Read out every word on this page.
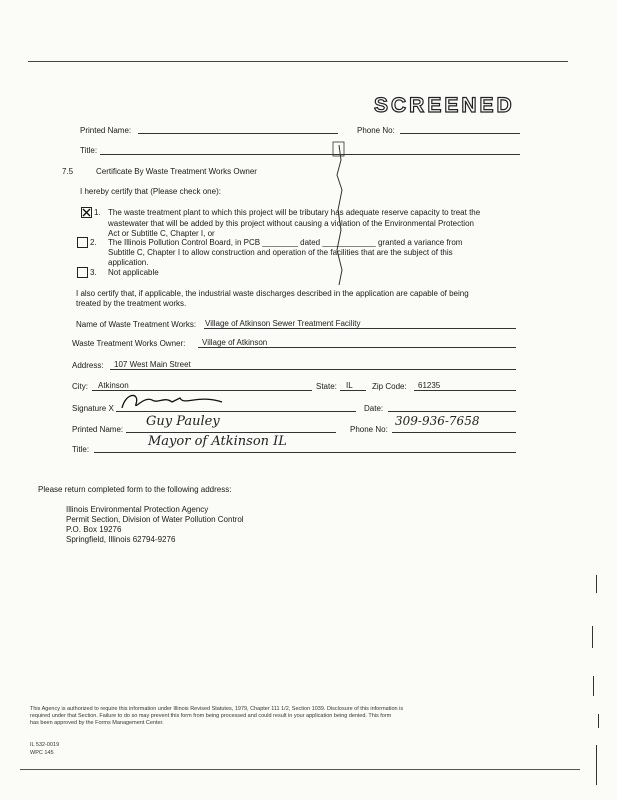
SCREENED
Printed Name:	Phone No:
Title:
7.5	Certificate By Waste Treatment Works Owner
I hereby certify that (Please check one):
1. The waste treatment plant to which this project will be tributary has adequate reserve capacity to treat the
wastewater that will be added by this project without causing a violation of the Environmental Protection
Act or Subtitle C, Chapter I, or
2. The Illinois Pollution Control Board, in PCB ________ dated ____________ granted a variance from
Subtitle C, Chapter I to allow construction and operation of the facilities that are the subject of this
application.
3. Not applicable
I also certify that, if applicable, the industrial waste discharges described in the application are capable of being
treated by the treatment works.
Name of Waste Treatment Works: Village of Atkinson Sewer Treatment Facility
Waste Treatment Works Owner: Village of Atkinson
Address: 107 West Main Street
City: Atkinson	State: IL Zip Code: 61235
Signature X	Date:
Printed Name:
Guy Pauley
Phone No:
309-936-7658
Title:
Mayor of Atkinson IL
Please return completed form to the following address:
Illinois Environmental Protection Agency
Permit Section, Division of Water Pollution Control
P.O. Box 19276
Springfield, Illinois 62794-9276
This Agency is authorized to require this information under Illinois Revised Statutes, 1979, Chapter 111 1/2, Section 1039. Disclosure of this information is
required under that Section. Failure to do so may prevent this form from being processed and could result in your application being denied. This form
has been approved by the Forms Management Center.
IL 532-0019
WPC 145
